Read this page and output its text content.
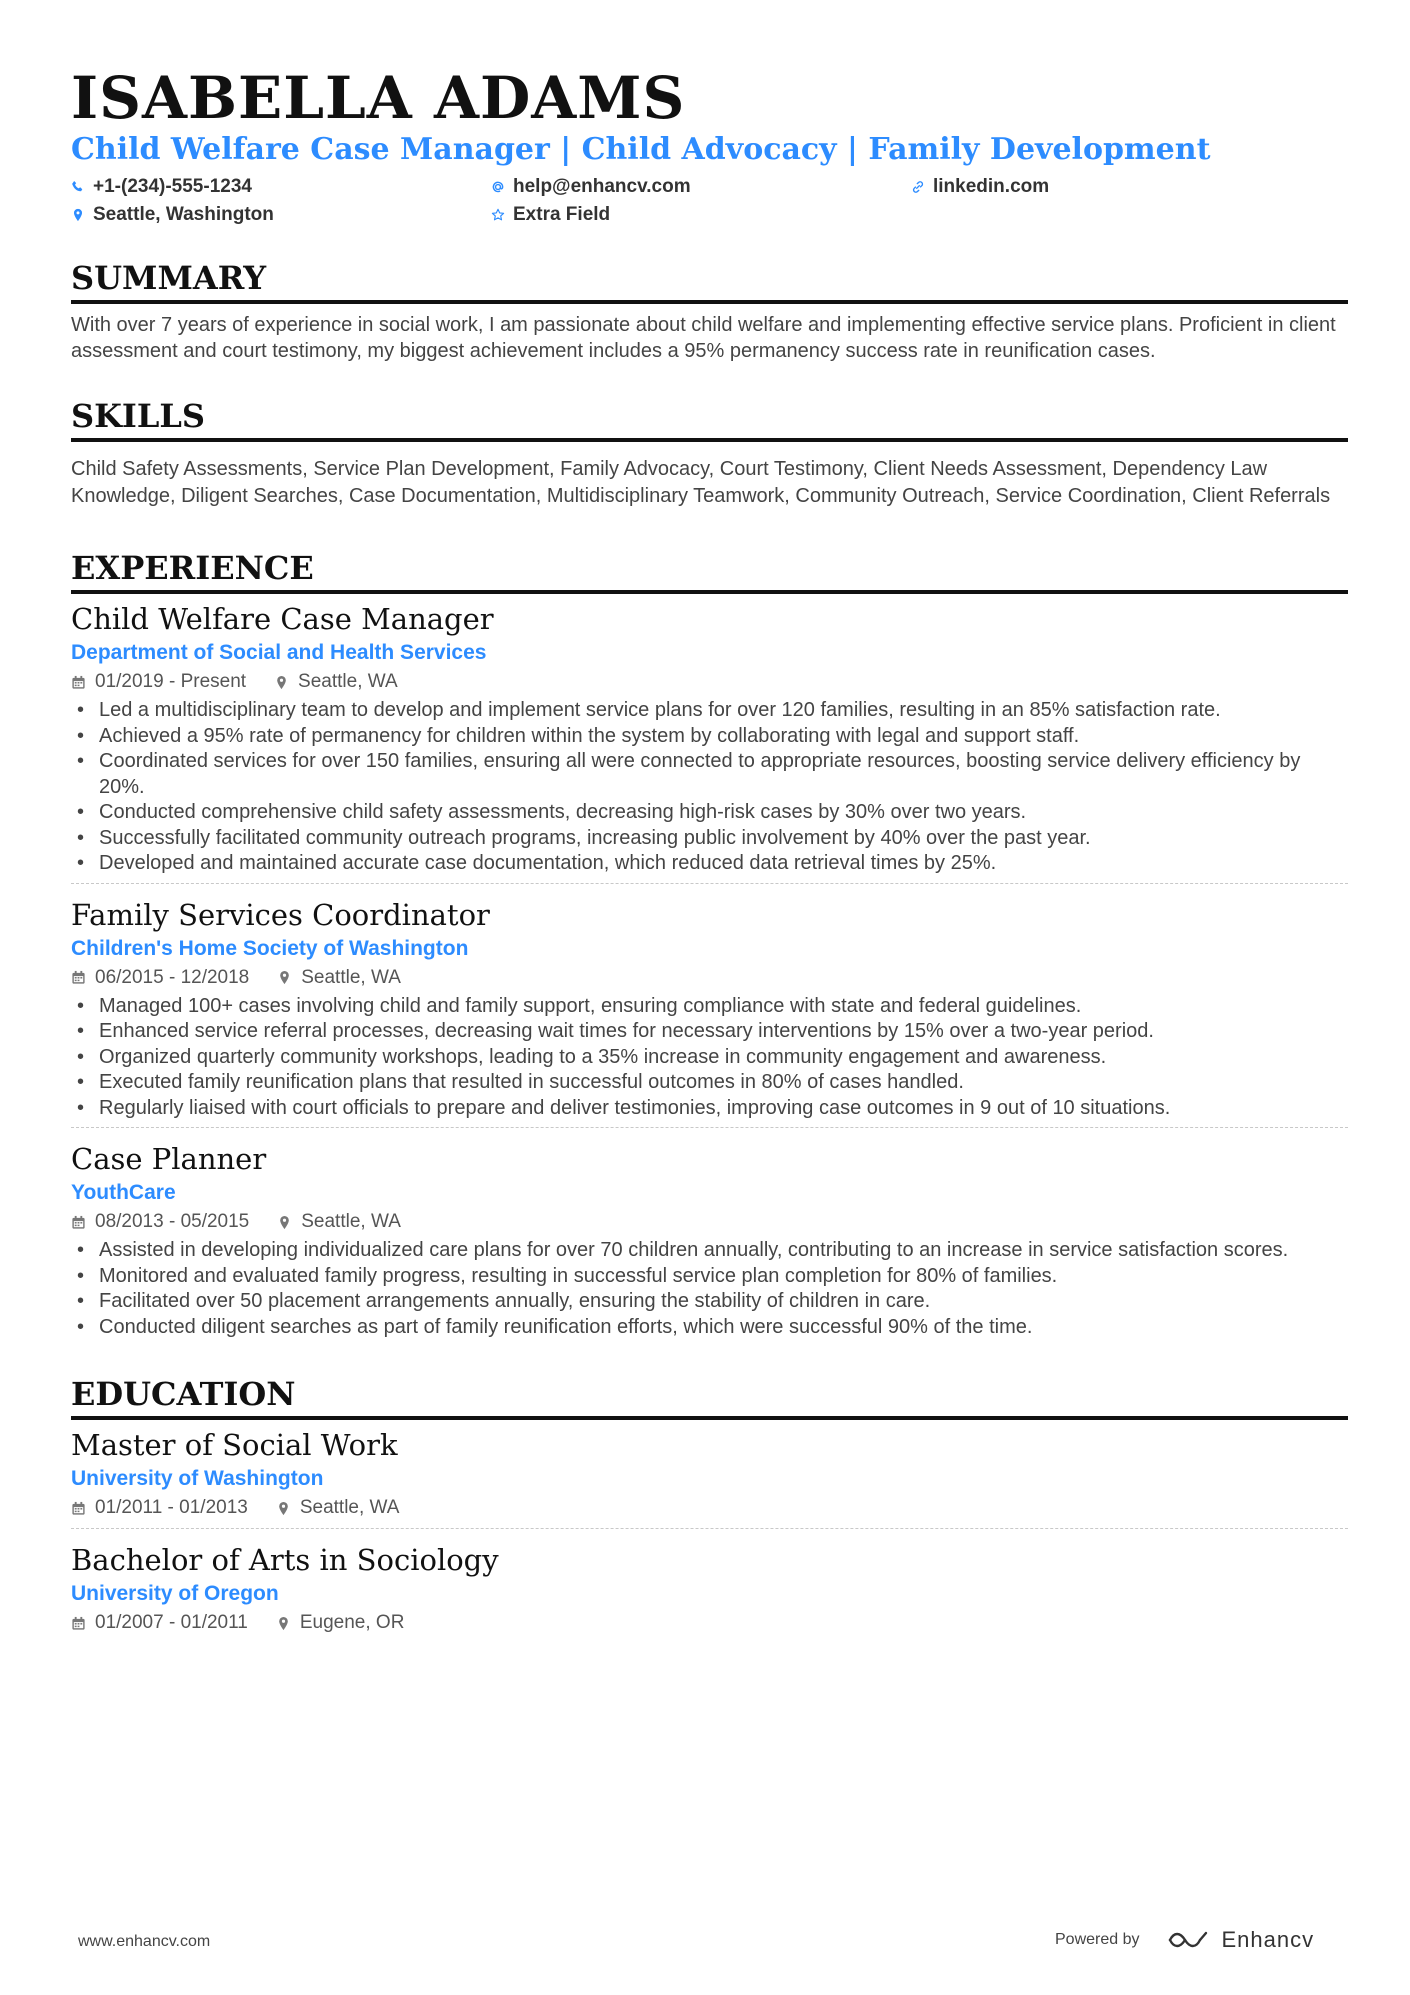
ISABELLA ADAMS
Child Welfare Case Manager | Child Advocacy | Family Development
+1-(234)-555-1234	help@enhancv.com	linkedin.com
Seattle, Washington	Extra Field
SUMMARY
With over 7 years of experience in social work, I am passionate about child welfare and implementing effective service plans. Proficient in client assessment and court testimony, my biggest achievement includes a 95% permanency success rate in reunification cases.
SKILLS
Child Safety Assessments, Service Plan Development, Family Advocacy, Court Testimony, Client Needs Assessment, Dependency Law Knowledge, Diligent Searches, Case Documentation, Multidisciplinary Teamwork, Community Outreach, Service Coordination, Client Referrals
EXPERIENCE
Child Welfare Case Manager
Department of Social and Health Services
01/2019 - Present	Seattle, WA
• Led a multidisciplinary team to develop and implement service plans for over 120 families, resulting in an 85% satisfaction rate.
• Achieved a 95% rate of permanency for children within the system by collaborating with legal and support staff.
• Coordinated services for over 150 families, ensuring all were connected to appropriate resources, boosting service delivery efficiency by 20%.
• Conducted comprehensive child safety assessments, decreasing high-risk cases by 30% over two years.
• Successfully facilitated community outreach programs, increasing public involvement by 40% over the past year.
• Developed and maintained accurate case documentation, which reduced data retrieval times by 25%.
Family Services Coordinator
Children's Home Society of Washington
06/2015 - 12/2018	Seattle, WA
• Managed 100+ cases involving child and family support, ensuring compliance with state and federal guidelines.
• Enhanced service referral processes, decreasing wait times for necessary interventions by 15% over a two-year period.
• Organized quarterly community workshops, leading to a 35% increase in community engagement and awareness.
• Executed family reunification plans that resulted in successful outcomes in 80% of cases handled.
• Regularly liaised with court officials to prepare and deliver testimonies, improving case outcomes in 9 out of 10 situations.
Case Planner
YouthCare
08/2013 - 05/2015	Seattle, WA
• Assisted in developing individualized care plans for over 70 children annually, contributing to an increase in service satisfaction scores.
• Monitored and evaluated family progress, resulting in successful service plan completion for 80% of families.
• Facilitated over 50 placement arrangements annually, ensuring the stability of children in care.
• Conducted diligent searches as part of family reunification efforts, which were successful 90% of the time.
EDUCATION
Master of Social Work
University of Washington
01/2011 - 01/2013	Seattle, WA
Bachelor of Arts in Sociology
University of Oregon
01/2007 - 01/2011	Eugene, OR
www.enhancv.com	Powered by	Enhancv
